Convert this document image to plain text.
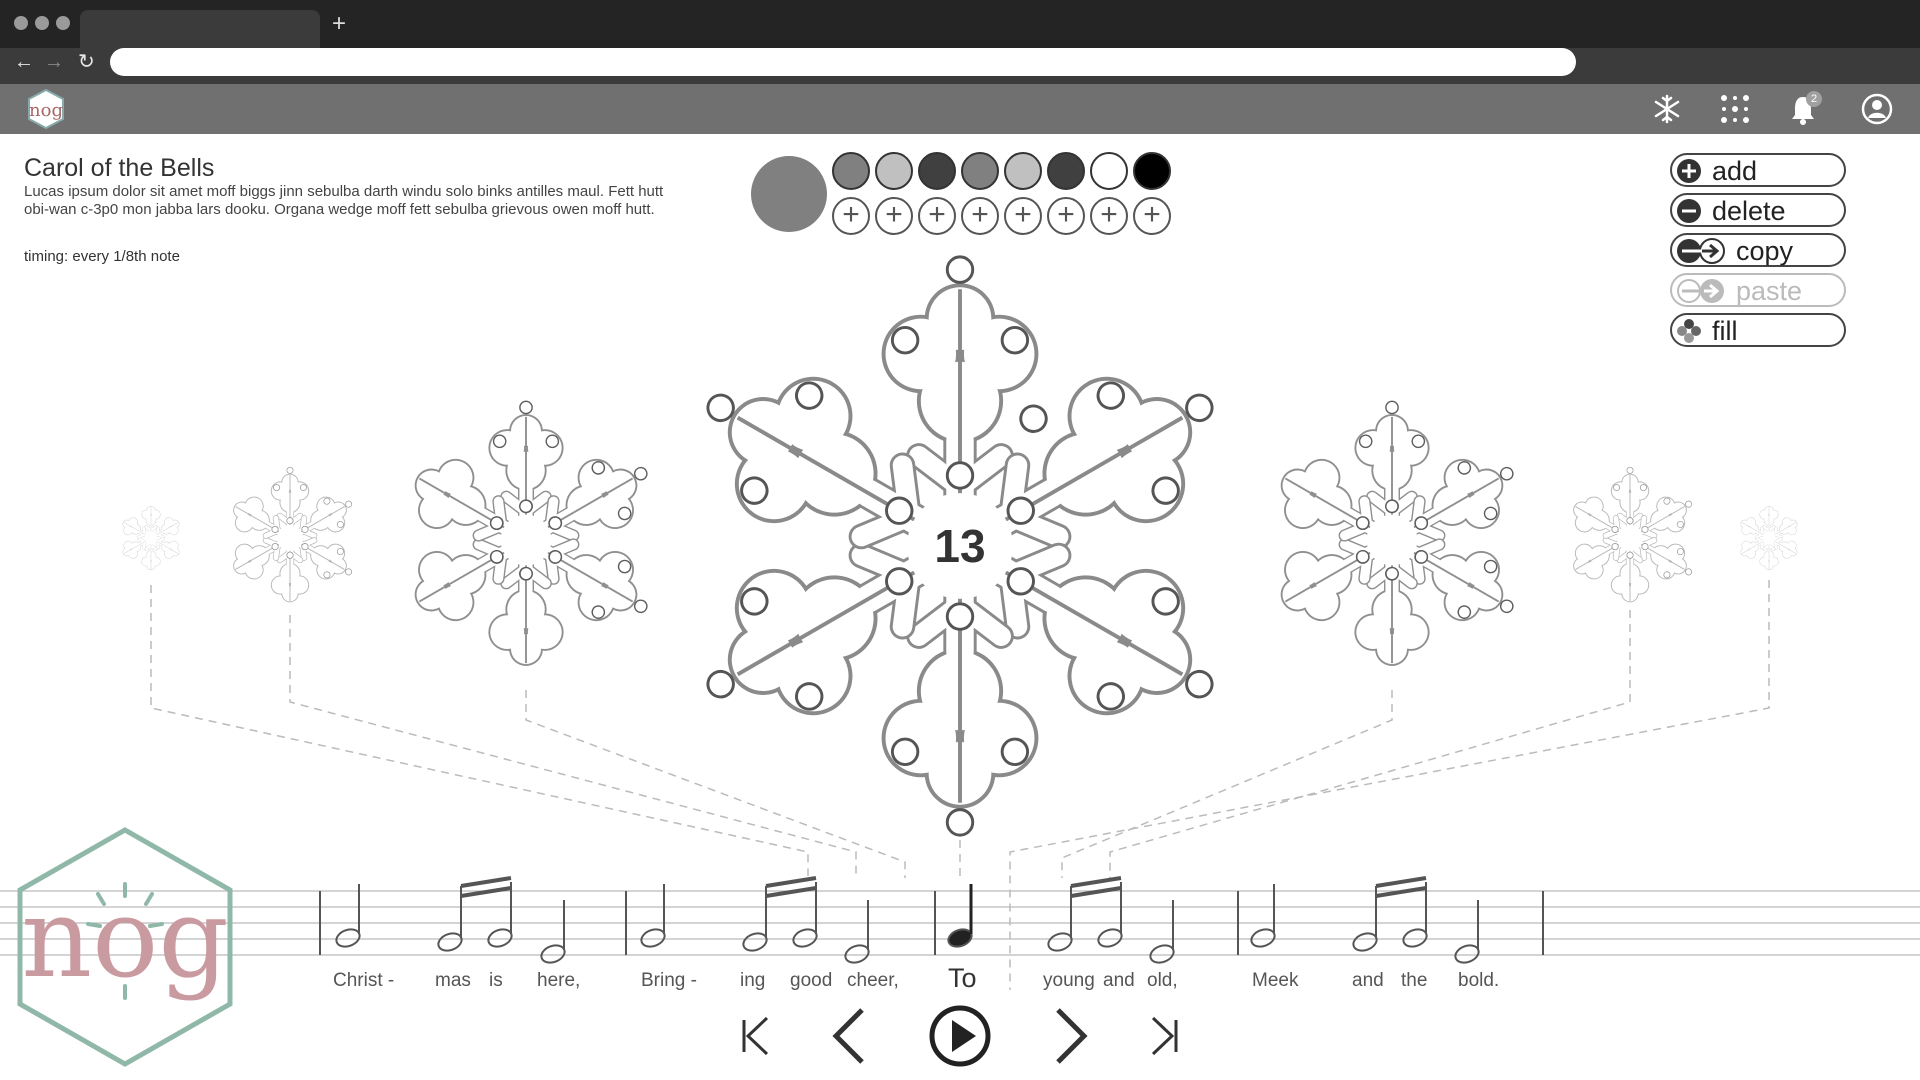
+
← → ↻
nog
2
Carol of the Bells
Lucas ipsum dolor sit amet moff biggs jinn sebulba darth windu solo binks antilles maul. Fett hutt obi-wan c-3p0 mon jabba lars dooku. Organa wedge moff fett sebulba grievous owen moff hutt.
timing: every 1/8th note
+ + + + + + + +
add
delete
copy
paste
fill
13
Christ - mas is here,	Bring - ing good cheer, To	young and old,	Meek	and the bold.
nog
